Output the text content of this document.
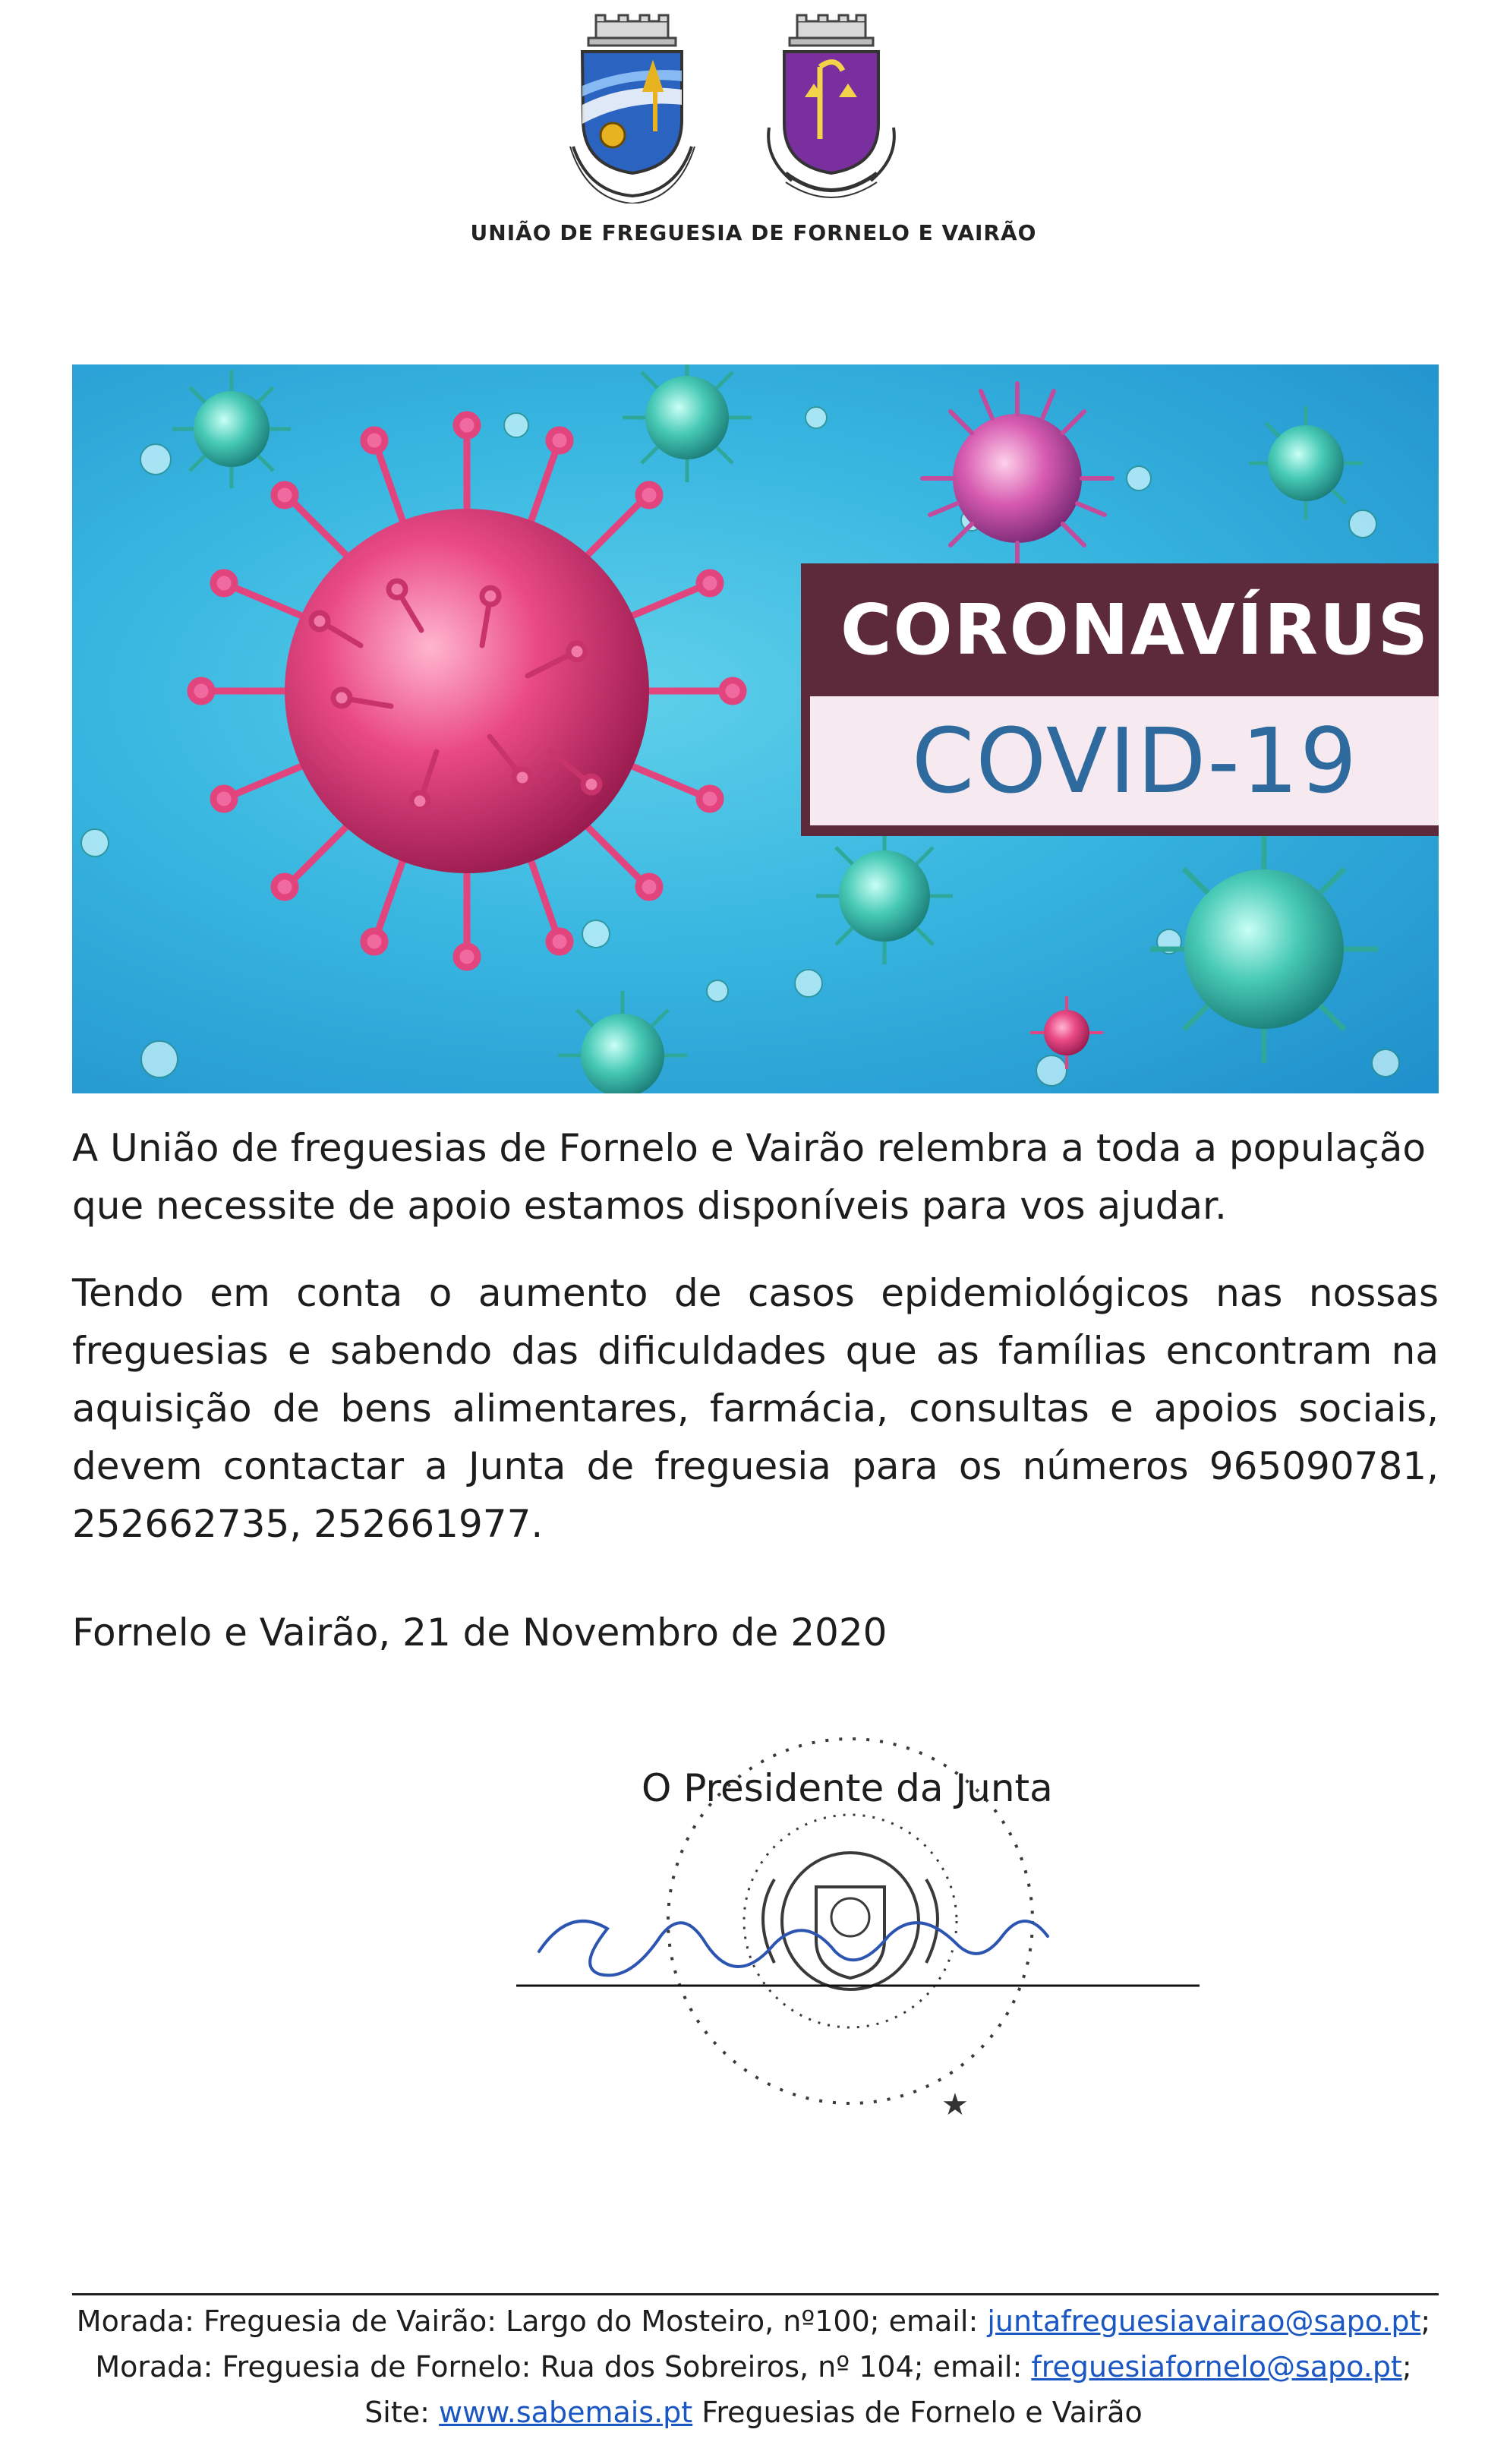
UNIÃO DE FREGUESIA DE FORNELO E VAIRÃO
CORONAVÍRUS
COVID-19
A União de freguesias de Fornelo e Vairão relembra a toda a população que necessite de apoio estamos disponíveis para vos ajudar.
Tendo em conta o aumento de casos epidemiológicos nas nossas freguesias e sabendo das dificuldades que as famílias encontram na aquisição de bens alimentares, farmácia, consultas e apoios sociais, devem contactar a Junta de freguesia para os números 965090781, 252662735, 252661977.
Fornelo e Vairão, 21 de Novembro de 2020
★
O Presidente da Junta
Morada: Freguesia de Vairão: Largo do Mosteiro, nº100; email: juntafreguesiavairao@sapo.pt;
Morada: Freguesia de Fornelo: Rua dos Sobreiros, nº 104; email: freguesiafornelo@sapo.pt;
Site: www.sabemais.pt Freguesias de Fornelo e Vairão
